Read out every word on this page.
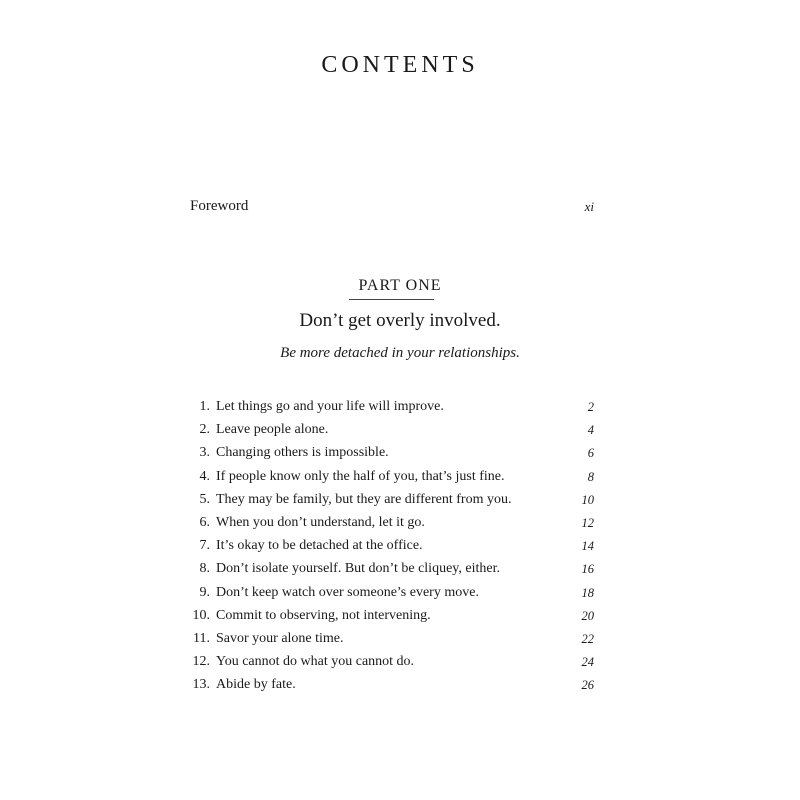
CONTENTS
Foreword	xi
PART ONE
Don’t get overly involved.
Be more detached in your relationships.
1. Let things go and your life will improve.	2
2. Leave people alone.	4
3. Changing others is impossible.	6
4. If people know only the half of you, that’s just fine.	8
5. They may be family, but they are different from you.	10
6. When you don’t understand, let it go.	12
7. It’s okay to be detached at the office.	14
8. Don’t isolate yourself. But don’t be cliquey, either.	16
9. Don’t keep watch over someone’s every move.	18
10. Commit to observing, not intervening.	20
11. Savor your alone time.	22
12. You cannot do what you cannot do.	24
13. Abide by fate.	26
